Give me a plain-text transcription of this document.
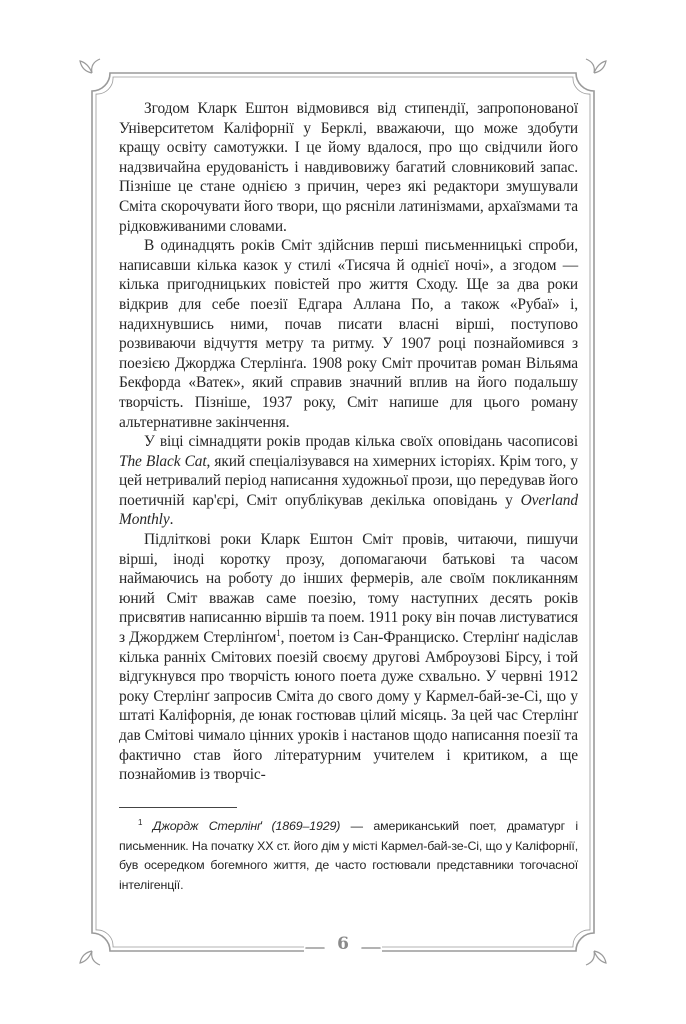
Згодом Кларк Ештон відмовився від стипендії, запропонованої Університетом Каліфорнії у Берклі, вважаючи, що може здобути кращу освіту самотужки. І це йому вдалося, про що свідчили його надзвичайна ерудованість і навдивовижу багатий словниковий запас. Пізніше це стане однією з причин, через які редактори змушували Сміта скорочувати його твори, що рясніли латинізмами, архаїзмами та рідковживаними словами.

В одинадцять років Сміт здійснив перші письменницькі спроби, написавши кілька казок у стилі «Тисяча й однієї ночі», а згодом — кілька пригодницьких повістей про життя Сходу. Ще за два роки відкрив для себе поезії Едгара Аллана По, а також «Рубаї» і, надихнувшись ними, почав писати власні вірші, поступово розвиваючи відчуття метру та ритму. У 1907 році познайомився з поезією Джорджа Стерлінґа. 1908 року Сміт прочитав роман Вільяма Бекфорда «Ватек», який справив значний вплив на його подальшу творчість. Пізніше, 1937 року, Сміт напише для цього роману альтернативне закінчення.

У віці сімнадцяти років продав кілька своїх оповідань часописові The Black Cat, який спеціалізувався на химерних історіях. Крім того, у цей нетривалий період написання художньої прози, що передував його поетичній кар'єрі, Сміт опублікував декілька оповідань у Overland Monthly.

Підліткові роки Кларк Ештон Сміт провів, читаючи, пишучи вірші, іноді коротку прозу, допомагаючи батькові та часом наймаючись на роботу до інших фермерів, але своїм покликанням юний Сміт вважав саме поезію, тому наступних десять років присвятив написанню віршів та поем. 1911 року він почав листуватися з Джорджем Стерлінґом$^1$, поетом із Сан-Франциско. Стерлінґ надіслав кілька ранніх Смітових поезій своєму другові Амброузові Бірсу, і той відгукнувся про творчість юного поета дуже схвально. У червні 1912 року Стерлінґ запросив Сміта до свого дому у Кармел-бай-зе-Сі, що у штаті Каліфорнія, де юнак гостював цілий місяць. За цей час Стерлінґ дав Смітові чимало цінних уроків і настанов щодо написання поезії та фактично став його літературним учителем і критиком, а ще познайомив із творчіс-

$^1$ Джордж Стерлінґ (1869–1929) — американський поет, драматург і письменник. На початку XX ст. його дім у місті Кармел-бай-зе-Сі, що у Каліфорнії, був осередком богемного життя, де часто гостювали представники тогочасної інтелігенції.

6
